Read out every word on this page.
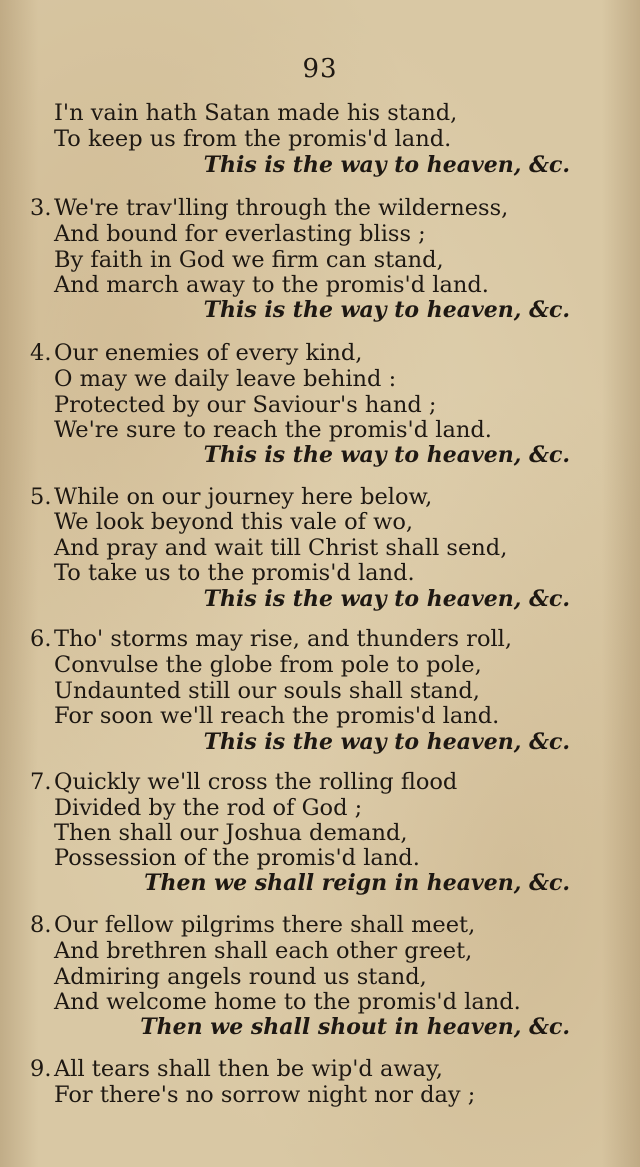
93
I'n vain hath Satan made his stand,
To keep us from the promis'd land.
This is the way to heaven, &c.
3. We're trav'lling through the wilderness,
And bound for everlasting bliss ;
By faith in God we firm can stand,
And march away to the promis'd land.
This is the way to heaven, &c.
4. Our enemies of every kind,
O may we daily leave behind :
Protected by our Saviour's hand ;
We're sure to reach the promis'd land.
This is the way to heaven, &c.
5. While on our journey here below,
We look beyond this vale of wo,
And pray and wait till Christ shall send,
To take us to the promis'd land.
This is the way to heaven, &c.
6. Tho' storms may rise, and thunders roll,
Convulse the globe from pole to pole,
Undaunted still our souls shall stand,
For soon we'll reach the promis'd land.
This is the way to heaven, &c.
7. Quickly we'll cross the rolling flood
Divided by the rod of God ;
Then shall our Joshua demand,
Possession of the promis'd land.
Then we shall reign in heaven, &c.
8. Our fellow pilgrims there shall meet,
And brethren shall each other greet,
Admiring angels round us stand,
And welcome home to the promis'd land.
Then we shall shout in heaven, &c.
9. All tears shall then be wip'd away,
For there's no sorrow night nor day ;
